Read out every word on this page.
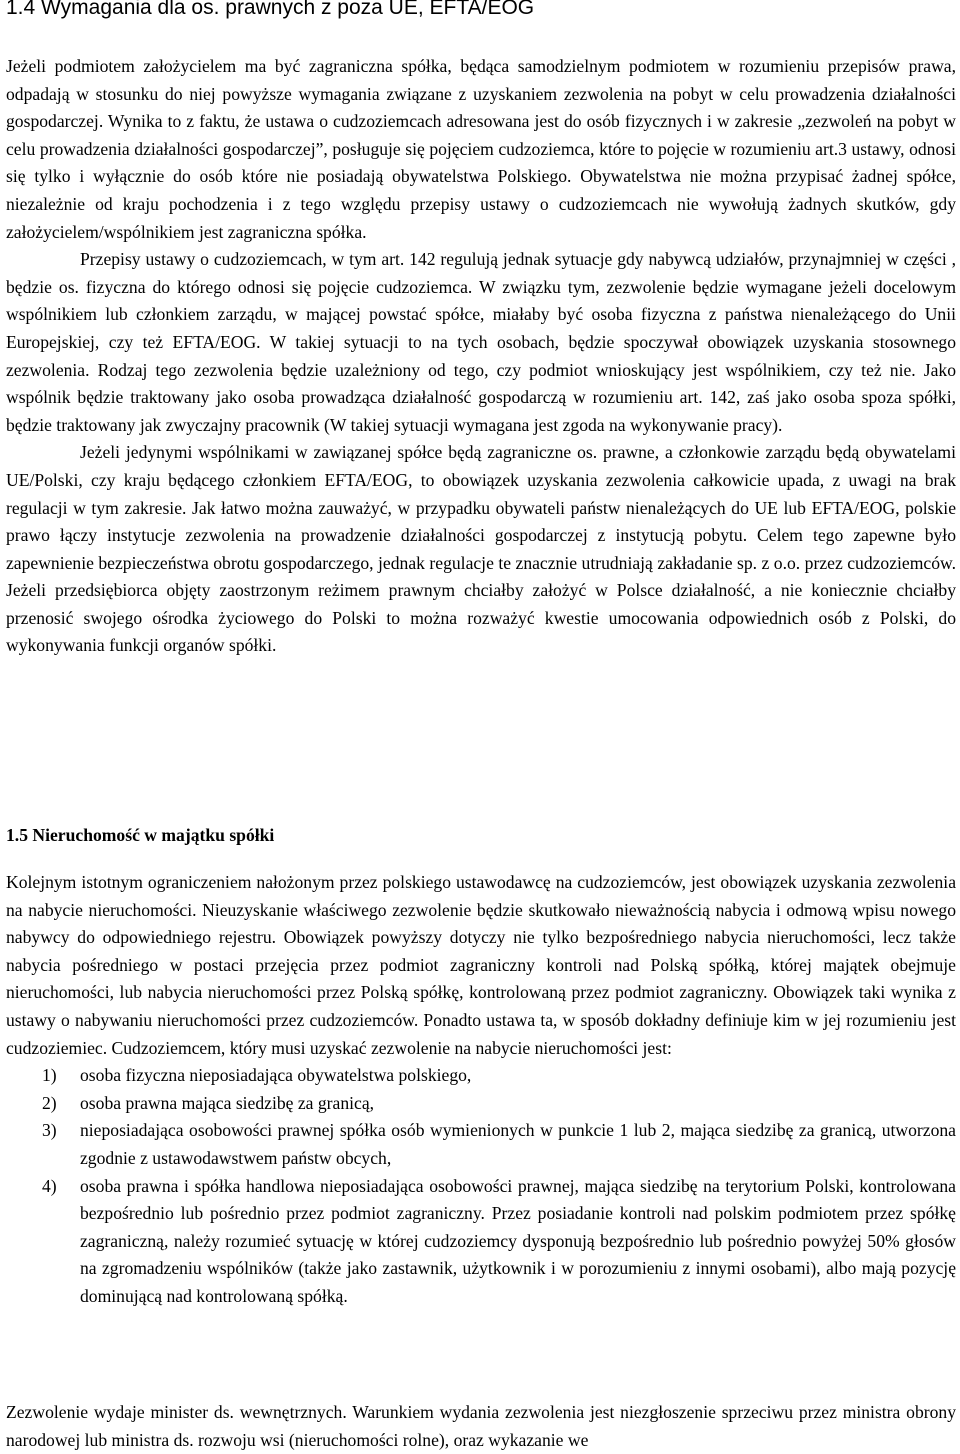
1.4 Wymagania dla os. prawnych z poza UE, EFTA/EOG

Jeżeli podmiotem założycielem ma być zagraniczna spółka, będąca samodzielnym podmiotem w rozumieniu przepisów prawa, odpadają w stosunku do niej powyższe wymagania związane z uzyskaniem zezwolenia na pobyt w celu prowadzenia działalności gospodarczej. Wynika to z faktu, że ustawa o cudzoziemcach adresowana jest do osób fizycznych i w zakresie „zezwoleń na pobyt w celu prowadzenia działalności gospodarczej”, posługuje się pojęciem cudzoziemca, które to pojęcie w rozumieniu art.3 ustawy, odnosi się tylko i wyłącznie do osób które nie posiadają obywatelstwa Polskiego. Obywatelstwa nie można przypisać żadnej spółce, niezależnie od kraju pochodzenia i z tego względu przepisy ustawy o cudzoziemcach nie wywołują żadnych skutków, gdy założycielem/wspólnikiem jest zagraniczna spółka.

Przepisy ustawy o cudzoziemcach, w tym art. 142 regulują jednak sytuacje gdy nabywcą udziałów, przynajmniej w części , będzie os. fizyczna do którego odnosi się pojęcie cudzoziemca. W związku tym, zezwolenie będzie wymagane jeżeli docelowym wspólnikiem lub członkiem zarządu, w mającej powstać spółce, miałaby być osoba fizyczna z państwa nienależącego do Unii Europejskiej, czy też EFTA/EOG. W takiej sytuacji to na tych osobach, będzie spoczywał obowiązek uzyskania stosownego zezwolenia. Rodzaj tego zezwolenia będzie uzależniony od tego, czy podmiot wnioskujący jest wspólnikiem, czy też nie. Jako wspólnik będzie traktowany jako osoba prowadząca działalność gospodarczą w rozumieniu art. 142, zaś jako osoba spoza spółki, będzie traktowany jak zwyczajny pracownik (W takiej sytuacji wymagana jest zgoda na wykonywanie pracy).

Jeżeli jedynymi wspólnikami w zawiązanej spółce będą zagraniczne os. prawne, a członkowie zarządu będą obywatelami UE/Polski, czy kraju będącego członkiem EFTA/EOG, to obowiązek uzyskania zezwolenia całkowicie upada, z uwagi na brak regulacji w tym zakresie. Jak łatwo można zauważyć, w przypadku obywateli państw nienależących do UE lub EFTA/EOG, polskie prawo łączy instytucje zezwolenia na prowadzenie działalności gospodarczej z instytucją pobytu. Celem tego zapewne było zapewnienie bezpieczeństwa obrotu gospodarczego, jednak regulacje te znacznie utrudniają zakładanie sp. z o.o. przez cudzoziemców. Jeżeli przedsiębiorca objęty zaostrzonym reżimem prawnym chciałby założyć w Polsce działalność, a nie koniecznie chciałby przenosić swojego ośrodka życiowego do Polski to można rozważyć kwestie umocowania odpowiednich osób z Polski, do wykonywania funkcji organów spółki.

1.5 Nieruchomość w majątku spółki

Kolejnym istotnym ograniczeniem nałożonym przez polskiego ustawodawcę na cudzoziemców, jest obowiązek uzyskania zezwolenia na nabycie nieruchomości. Nieuzyskanie właściwego zezwolenie będzie skutkowało nieważnością nabycia i odmową wpisu nowego nabywcy do odpowiedniego rejestru. Obowiązek powyższy dotyczy nie tylko bezpośredniego nabycia nieruchomości, lecz także nabycia pośredniego w postaci przejęcia przez podmiot zagraniczny kontroli nad Polską spółką, której majątek obejmuje nieruchomości, lub nabycia nieruchomości przez Polską spółkę, kontrolowaną przez podmiot zagraniczny. Obowiązek taki wynika z ustawy o nabywaniu nieruchomości przez cudzoziemców. Ponadto ustawa ta, w sposób dokładny definiuje kim w jej rozumieniu jest cudzoziemiec. Cudzoziemcem, który musi uzyskać zezwolenie na nabycie nieruchomości jest:

1) osoba fizyczna nieposiadająca obywatelstwa polskiego,
2) osoba prawna mająca siedzibę za granicą,
3) nieposiadająca osobowości prawnej spółka osób wymienionych w punkcie 1 lub 2, mająca siedzibę za granicą, utworzona zgodnie z ustawodawstwem państw obcych,
4) osoba prawna i spółka handlowa nieposiadająca osobowości prawnej, mająca siedzibę na terytorium Polski, kontrolowana bezpośrednio lub pośrednio przez podmiot zagraniczny. Przez posiadanie kontroli nad polskim podmiotem przez spółkę zagraniczną, należy rozumieć sytuację w której cudzoziemcy dysponują bezpośrednio lub pośrednio powyżej 50% głosów na zgromadzeniu wspólników (także jako zastawnik, użytkownik i w porozumieniu z innymi osobami), albo mają pozycję dominującą nad kontrolowaną spółką.

Zezwolenie wydaje minister ds. wewnętrznych. Warunkiem wydania zezwolenia jest niezgłoszenie sprzeciwu przez ministra obrony narodowej lub ministra ds. rozwoju wsi (nieruchomości rolne), oraz wykazanie we
